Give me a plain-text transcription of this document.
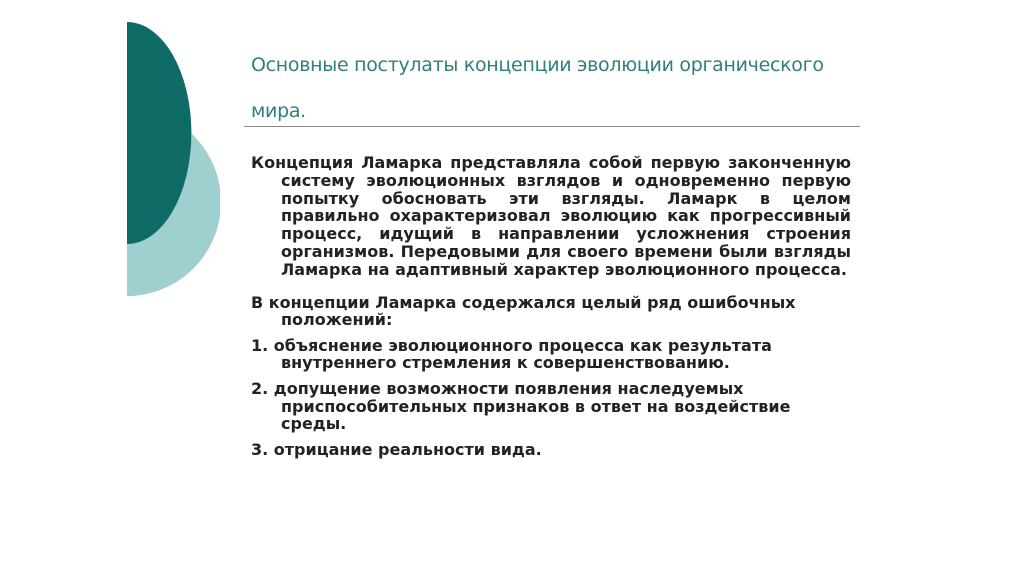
Основные постулаты концепции эволюции органического мира.

Концепция Ламарка представляла собой первую законченную систему эволюционных взглядов и одновременно первую попытку обосновать эти взгляды. Ламарк в целом правильно охарактеризовал эволюцию как прогрессивный процесс, идущий в направлении усложнения строения организмов. Передовыми для своего времени были взгляды Ламарка на адаптивный характер эволюционного процесса.

В концепции Ламарка содержался целый ряд ошибочных положений:
1. объяснение эволюционного процесса как результата внутреннего стремления к совершенствованию.
2. допущение возможности появления наследуемых приспособительных признаков в ответ на воздействие среды.
3. отрицание реальности вида.
